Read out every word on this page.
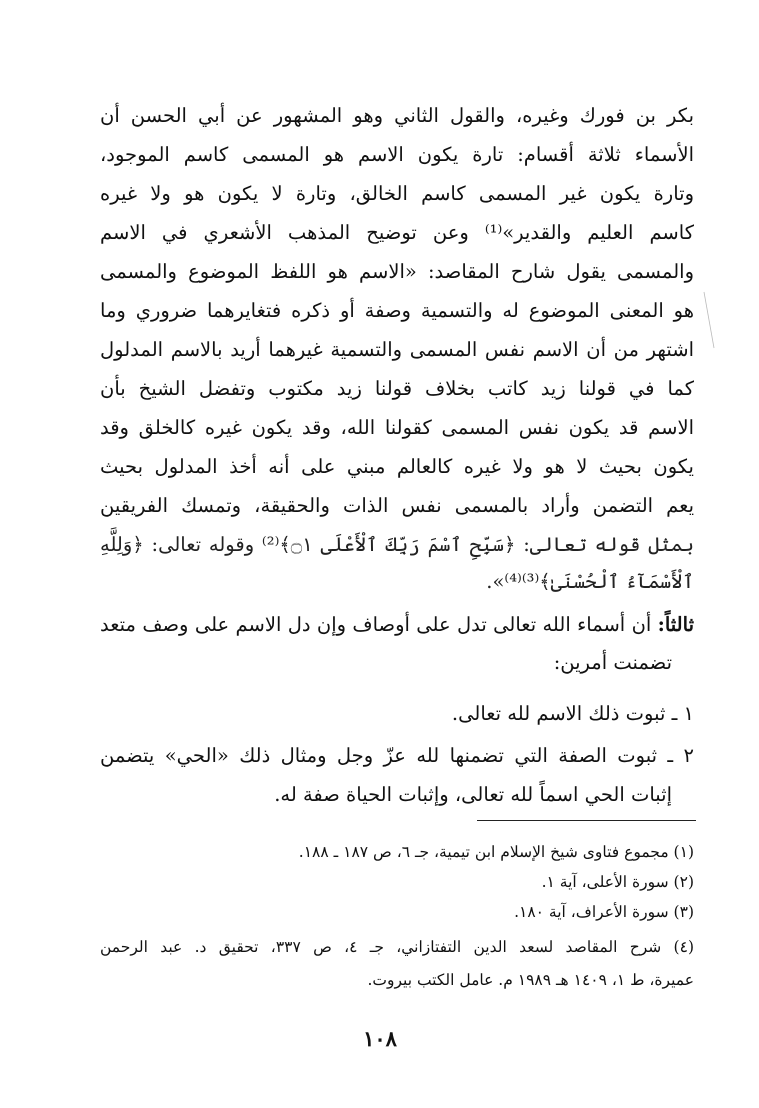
بكر بن فورك وغيره، والقول الثاني وهو المشهور عن أبي الحسن أن
الأسماء ثلاثة أقسام: تارة يكون الاسم هو المسمى كاسم الموجود،
وتارة يكون غير المسمى كاسم الخالق، وتارة لا يكون هو ولا غيره
كاسم العليم والقدير»⁽¹⁾ وعن توضيح المذهب الأشعري في الاسم
والمسمى يقول شارح المقاصد: «الاسم هو اللفظ الموضوع والمسمى
هو المعنى الموضوع له والتسمية وصفة أو ذكره فتغايرهما ضروري وما
اشتهر من أن الاسم نفس المسمى والتسمية غيرهما أريد بالاسم المدلول
كما في قولنا زيد كاتب بخلاف قولنا زيد مكتوب وتفضل الشيخ بأن
الاسم قد يكون نفس المسمى كقولنا الله، وقد يكون غيره كالخلق وقد
يكون بحيث لا هو ولا غيره كالعالم مبني على أنه أخذ المدلول بحيث
يعم التضمن وأراد بالمسمى نفس الذات والحقيقة، وتمسك الفريقين
بمثل قوله تعالى: ﴿سَبِّحِ ٱسْمَ رَبِّكَ ٱلْأَعْلَى ۝١﴾⁽²⁾ وقوله تعالى: ﴿وَلِلَّهِ
ٱلْأَسْمَآءُ ٱلْحُسْنَىٰ﴾⁽³⁾⁽⁴⁾».
ثالثاً: أن أسماء الله تعالى تدل على أوصاف وإن دل الاسم على وصف متعد
تضمنت أمرين:
١ ـ ثبوت ذلك الاسم لله تعالى.
٢ ـ ثبوت الصفة التي تضمنها لله عزّ وجل ومثال ذلك «الحي» يتضمن
إثبات الحي اسماً لله تعالى، وإثبات الحياة صفة له.
(١) مجموع فتاوى شيخ الإسلام ابن تيمية، جـ ٦، ص ١٨٧ ـ ١٨٨.
(٢) سورة الأعلى، آية ١.
(٣) سورة الأعراف، آية ١٨٠.
(٤) شرح المقاصد لسعد الدين التفتازاني، جـ ٤، ص ٣٣٧، تحقيق د. عبد الرحمن
عميرة، ط ١، ١٤٠٩ هـ ١٩٨٩ م. عامل الكتب بيروت.
١٠٨
